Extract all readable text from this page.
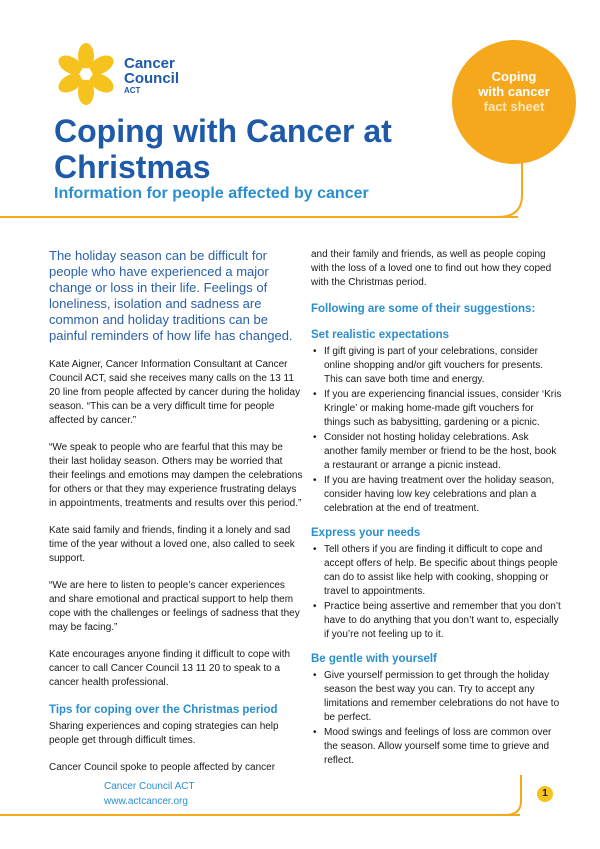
Cancer
Council
ACT
Coping
with cancer
fact sheet
Coping with Cancer at Christmas
Information for people affected by cancer

The holiday season can be difficult for people who have experienced a major change or loss in their life. Feelings of loneliness, isolation and sadness are common and holiday traditions can be painful reminders of how life has changed.

Kate Aigner, Cancer Information Consultant at Cancer Council ACT, said she receives many calls on the 13 11 20 line from people affected by cancer during the holiday season. “This can be a very difficult time for people affected by cancer.”

“We speak to people who are fearful that this may be their last holiday season. Others may be worried that their feelings and emotions may dampen the celebrations for others or that they may experience frustrating delays in appointments, treatments and results over this period.”

Kate said family and friends, finding it a lonely and sad time of the year without a loved one, also called to seek support.

“We are here to listen to people’s cancer experiences and share emotional and practical support to help them cope with the challenges or feelings of sadness that they may be facing.”

Kate encourages anyone finding it difficult to cope with cancer to call Cancer Council 13 11 20 to speak to a cancer health professional.

Tips for coping over the Christmas period

Sharing experiences and coping strategies can help people get through difficult times.

Cancer Council spoke to people affected by cancer

and their family and friends, as well as people coping with the loss of a loved one to find out how they coped with the Christmas period.

Following are some of their suggestions:

Set realistic expectations
• If gift giving is part of your celebrations, consider online shopping and/or gift vouchers for presents. This can save both time and energy.
• If you are experiencing financial issues, consider ‘Kris Kringle’ or making home-made gift vouchers for things such as babysitting, gardening or a picnic.
• Consider not hosting holiday celebrations. Ask another family member or friend to be the host, book a restaurant or arrange a picnic instead.
• If you are having treatment over the holiday season, consider having low key celebrations and plan a celebration at the end of treatment.
Express your needs
• Tell others if you are finding it difficult to cope and accept offers of help. Be specific about things people can do to assist like help with cooking, shopping or travel to appointments.
• Practice being assertive and remember that you don’t have to do anything that you don’t want to, especially if you’re not feeling up to it.
Be gentle with yourself
• Give yourself permission to get through the holiday season the best way you can. Try to accept any limitations and remember celebrations do not have to be perfect.
• Mood swings and feelings of loss are common over the season. Allow yourself some time to grieve and reflect.
Cancer Council ACT
www.actcancer.org
1
